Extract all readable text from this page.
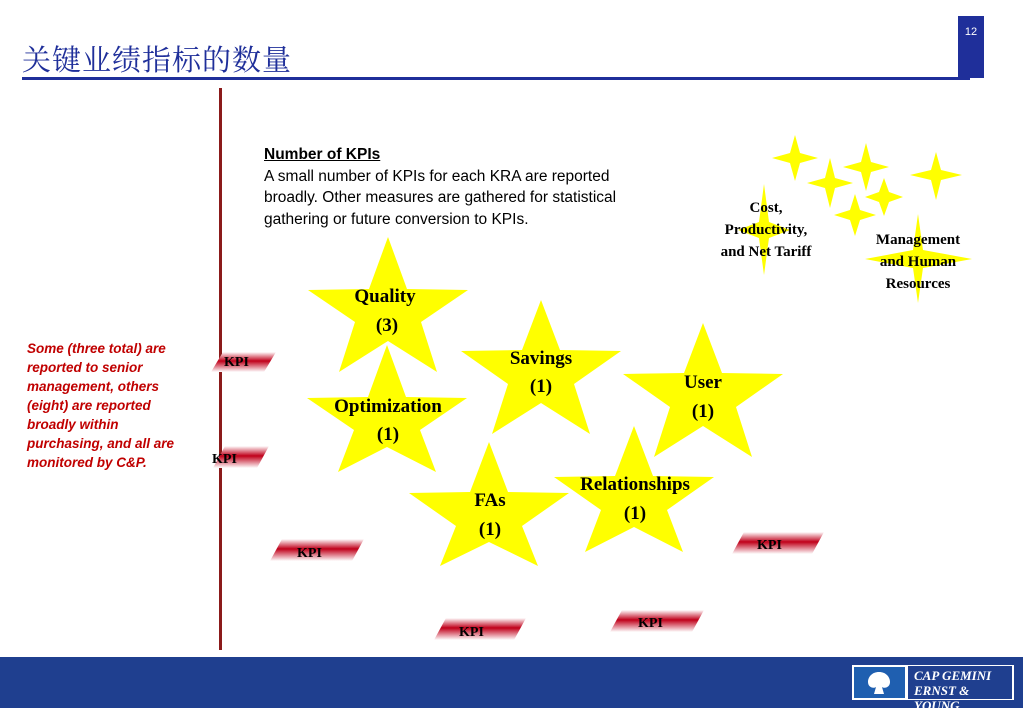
关键业绩指标的数量
12
KPI
KPI
KPI
KPI
KPI
KPI
Quality
(3)
Savings
(1)	User
(1)
Optimization
(1)
Relationships
(1)
FAs
(1)
Cost,
Productivity,
and Net Tariff
Management
and Human
Resources
Number of KPIs
A small number of KPIs for each KRA are reported broadly. Other measures are gathered for statistical gathering or future conversion to KPIs.
Some (three total) are reported to senior management, others (eight) are reported broadly within purchasing, and all are monitored by C&P.
CAP GEMINI
ERNST & YOUNG
